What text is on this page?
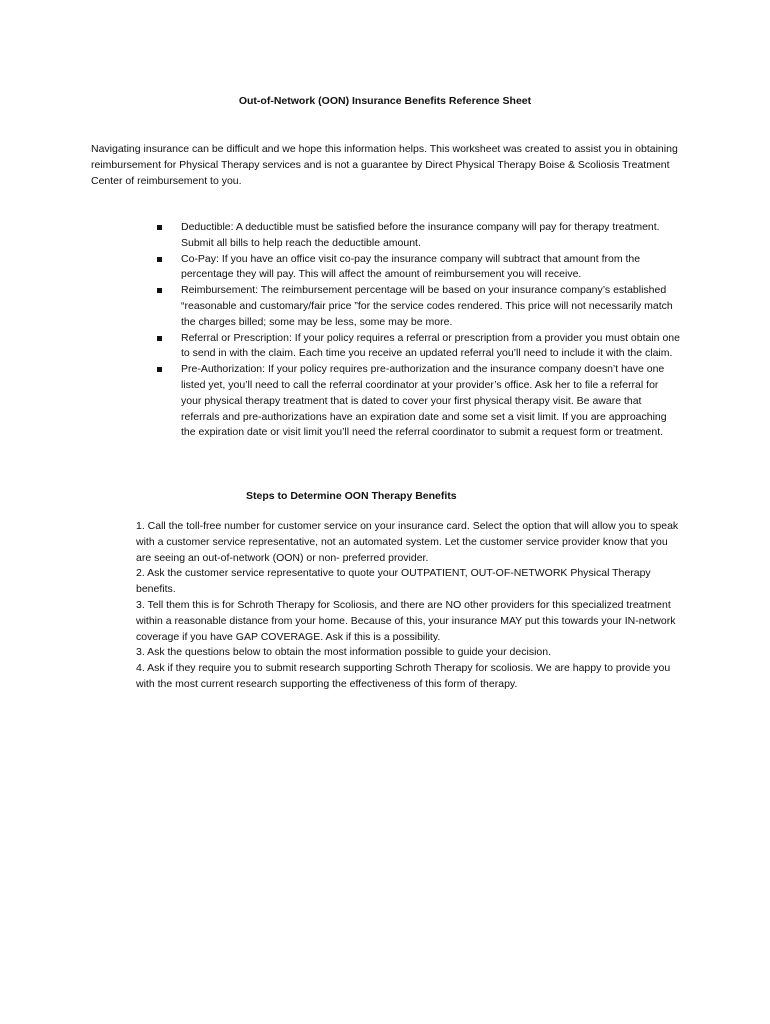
Out-of-Network (OON) Insurance Benefits Reference Sheet

Navigating insurance can be difficult and we hope this information helps. This worksheet was created to assist you in obtaining reimbursement for Physical Therapy services and is not a guarantee by Direct Physical Therapy Boise & Scoliosis Treatment Center of reimbursement to you.

Deductible: A deductible must be satisfied before the insurance company will pay for therapy treatment. Submit all bills to help reach the deductible amount.
Co-Pay: If you have an office visit co-pay the insurance company will subtract that amount from the percentage they will pay. This will affect the amount of reimbursement you will receive.
Reimbursement: The reimbursement percentage will be based on your insurance company’s established “reasonable and customary/fair price ”for the service codes rendered. This price will not necessarily match the charges billed; some may be less, some may be more.
Referral or Prescription: If your policy requires a referral or prescription from a provider you must obtain one to send in with the claim. Each time you receive an updated referral you’ll need to include it with the claim.
Pre-Authorization: If your policy requires pre-authorization and the insurance company doesn’t have one listed yet, you’ll need to call the referral coordinator at your provider’s office. Ask her to file a referral for your physical therapy treatment that is dated to cover your first physical therapy visit. Be aware that referrals and pre-authorizations have an expiration date and some set a visit limit. If you are approaching the expiration date or visit limit you’ll need the referral coordinator to submit a request form or treatment.
Steps to Determine OON Therapy Benefits
1. Call the toll-free number for customer service on your insurance card. Select the option that will allow you to speak with a customer service representative, not an automated system. Let the customer service provider know that you are seeing an out-of-network (OON) or non- preferred provider.
2. Ask the customer service representative to quote your OUTPATIENT, OUT-OF-NETWORK Physical Therapy benefits.
3. Tell them this is for Schroth Therapy for Scoliosis, and there are NO other providers for this specialized treatment within a reasonable distance from your home. Because of this, your insurance MAY put this towards your IN-network coverage if you have GAP COVERAGE. Ask if this is a possibility.
3. Ask the questions below to obtain the most information possible to guide your decision.
4. Ask if they require you to submit research supporting Schroth Therapy for scoliosis. We are happy to provide you with the most current research supporting the effectiveness of this form of therapy.
